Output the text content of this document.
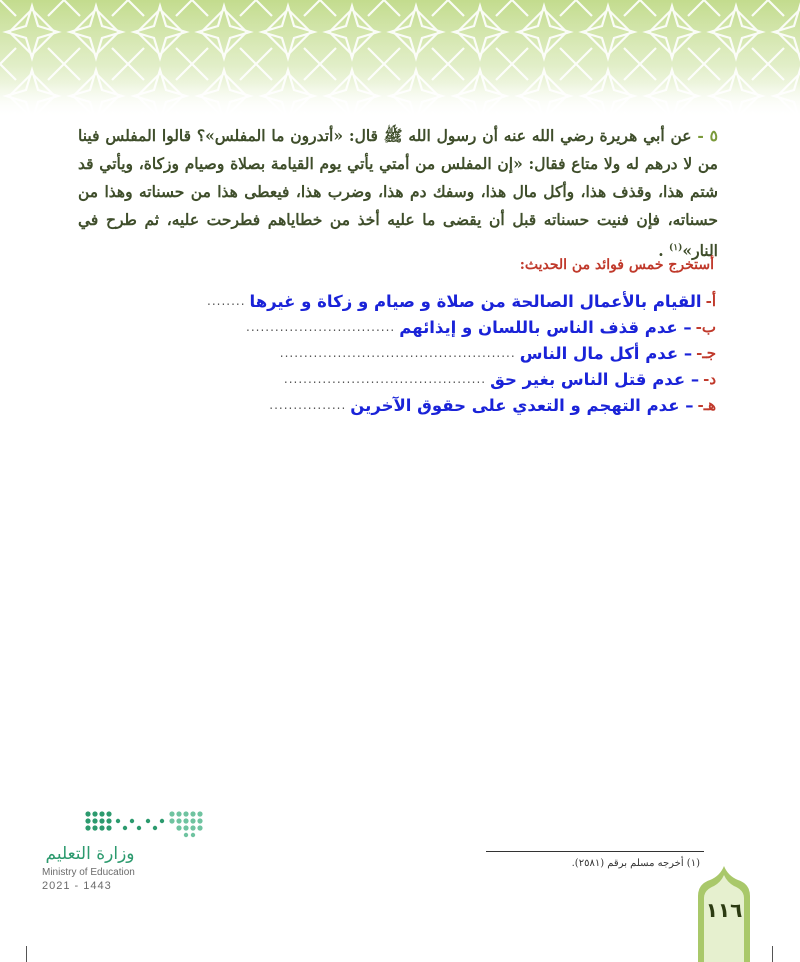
٥ - عن أبي هريرة رضي الله عنه أن رسول الله ﷺ قال: «أتدرون ما المفلس»؟ قالوا المفلس فينا من لا درهم له ولا متاع فقال: «إن المفلس من أمتي يأتي يوم القيامة بصلاة وصيام وزكاة، ويأتي قد شتم هذا، وقذف هذا، وأكل مال هذا، وسفك دم هذا، وضرب هذا، فيعطى هذا من حسناته وهذا من حسناته، فإن فنيت حسناته قبل أن يقضى ما عليه أخذ من خطاياهم فطرحت عليه، ثم طرح في النار»$^{(١)}$ .

أستخرج خمس فوائد من الحديث:
أ-
القيام بالأعمال الصالحة من صلاة و صيام و زكاة و غيرها
........
ب-
– عدم قذف الناس باللسان و إيذائهم
...............................
جـ-
– عدم أكل مال الناس
.................................................
د-
– عدم قتل الناس بغير حق
..........................................
هـ-
– عدم التهجم و التعدي على حقوق الآخرين
................
(١) أخرجه مسلم برقم (٢٥٨١).
وزارة التعليم
Ministry of Education
2021 - 1443
١١٦
